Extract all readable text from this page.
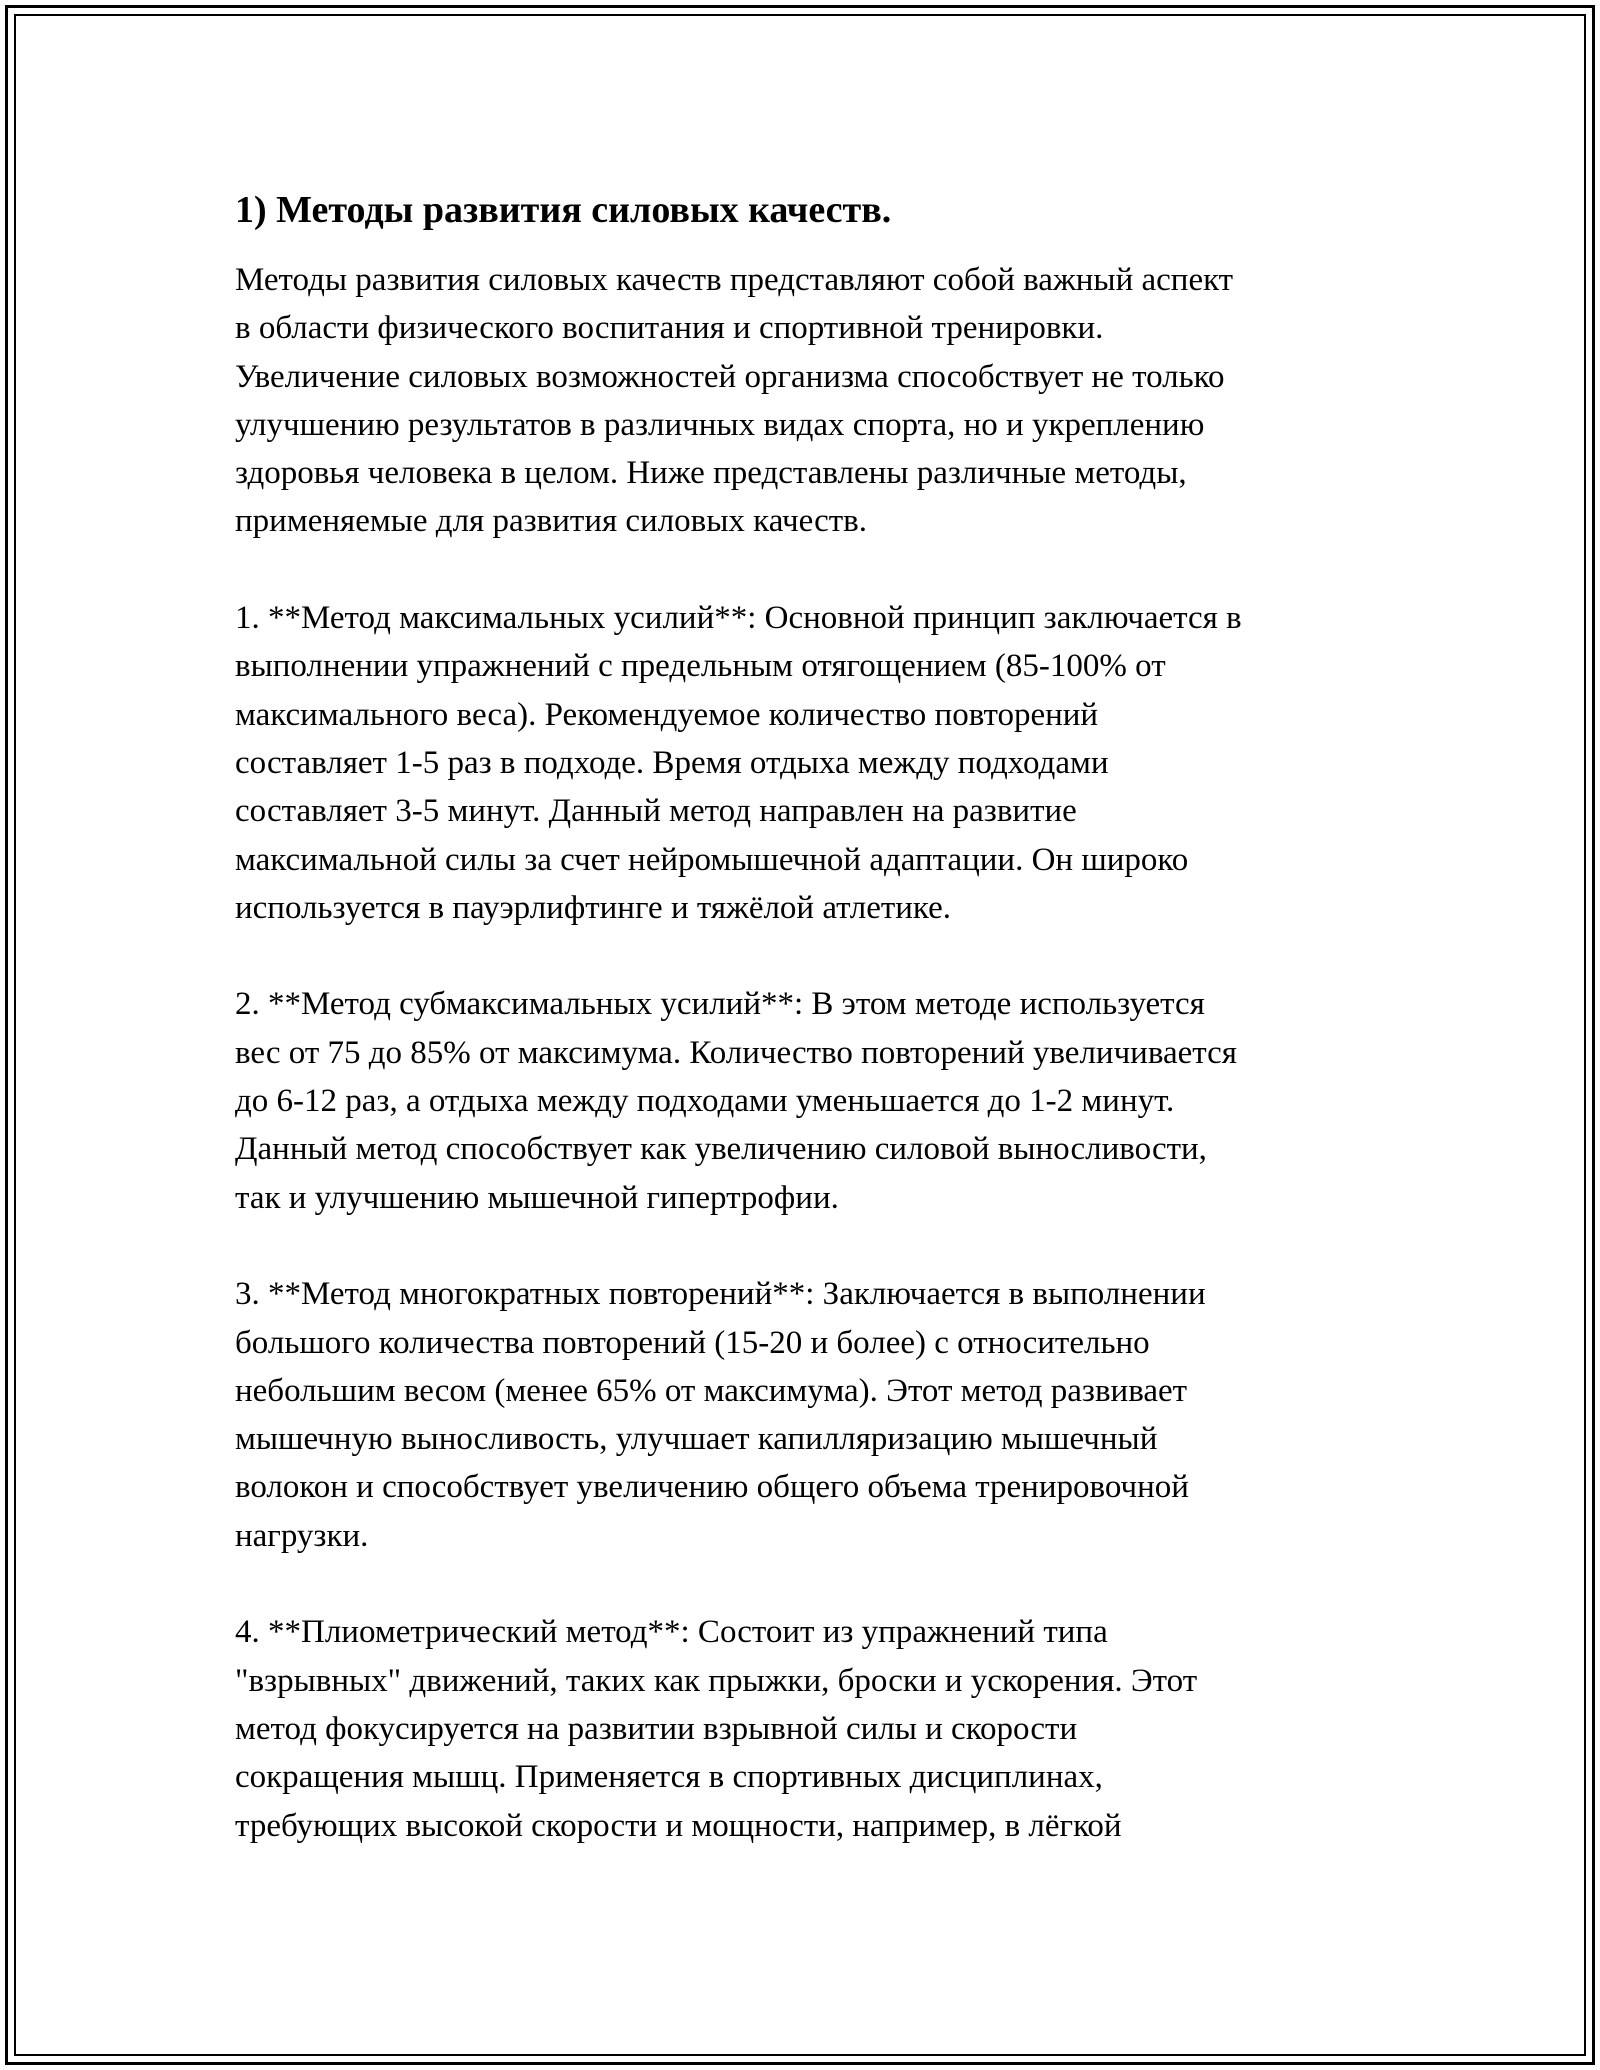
1) Методы развития силовых качеств.

Методы развития силовых качеств представляют собой важный аспект
в области физического воспитания и спортивной тренировки.
Увеличение силовых возможностей организма способствует не только
улучшению результатов в различных видах спорта, но и укреплению
здоровья человека в целом. Ниже представлены различные методы,
применяемые для развития силовых качеств.

1. **Метод максимальных усилий**: Основной принцип заключается в
выполнении упражнений с предельным отягощением (85-100% от
максимального веса). Рекомендуемое количество повторений
составляет 1-5 раз в подходе. Время отдыха между подходами
составляет 3-5 минут. Данный метод направлен на развитие
максимальной силы за счет нейромышечной адаптации. Он широко
используется в пауэрлифтинге и тяжёлой атлетике.

2. **Метод субмаксимальных усилий**: В этом методе используется
вес от 75 до 85% от максимума. Количество повторений увеличивается
до 6-12 раз, а отдыха между подходами уменьшается до 1-2 минут.
Данный метод способствует как увеличению силовой выносливости,
так и улучшению мышечной гипертрофии.

3. **Метод многократных повторений**: Заключается в выполнении
большого количества повторений (15-20 и более) с относительно
небольшим весом (менее 65% от максимума). Этот метод развивает
мышечную выносливость, улучшает капилляризацию мышечный
волокон и способствует увеличению общего объема тренировочной
нагрузки.

4. **Плиометрический метод**: Состоит из упражнений типа
"взрывных" движений, таких как прыжки, броски и ускорения. Этот
метод фокусируется на развитии взрывной силы и скорости
сокращения мышц. Применяется в спортивных дисциплинах,
требующих высокой скорости и мощности, например, в лёгкой
